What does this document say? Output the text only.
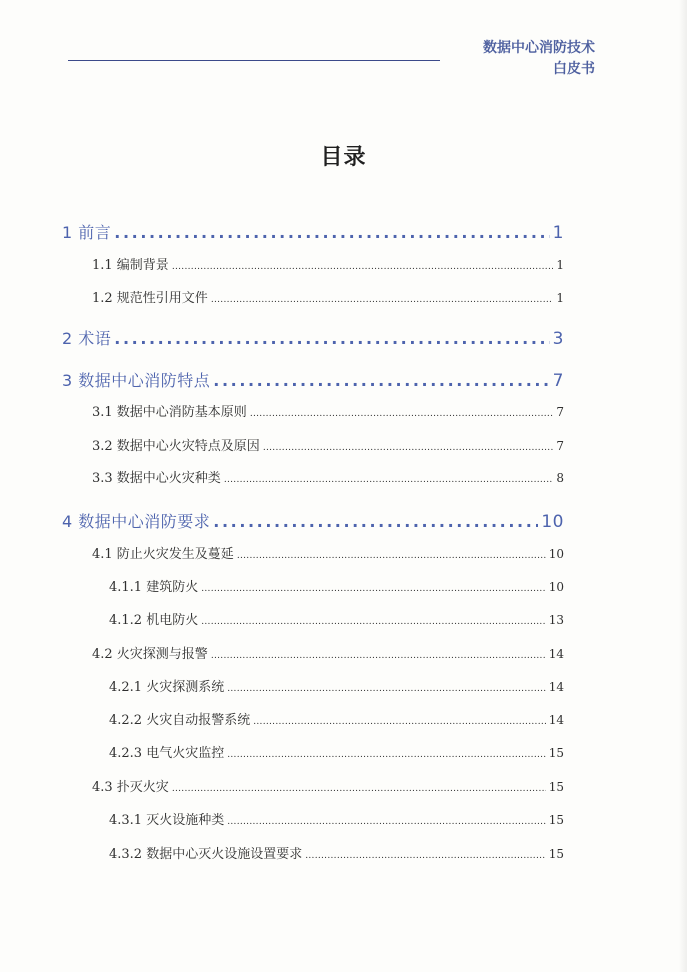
数据中心消防技术
白皮书
目录
1 前言 .....	1
1.1 编制背景 .....	1
1.2 规范性引用文件 .....	1
2 术语 .....	3
3 数据中心消防特点 .....	7
3.1 数据中心消防基本原则 .....	7
3.2 数据中心火灾特点及原因 .....	7
3.3 数据中心火灾种类 .....	8
4 数据中心消防要求 .....	10
4.1 防止火灾发生及蔓延 .....	10
4.1.1 建筑防火 .....	10
4.1.2 机电防火 .....	13
4.2 火灾探测与报警 .....	14
4.2.1 火灾探测系统 .....	14
4.2.2 火灾自动报警系统 .....	14
4.2.3 电气火灾监控 .....	15
4.3 扑灭火灾 .....	15
4.3.1 灭火设施种类 .....	15
4.3.2 数据中心灭火设施设置要求 .....	15
